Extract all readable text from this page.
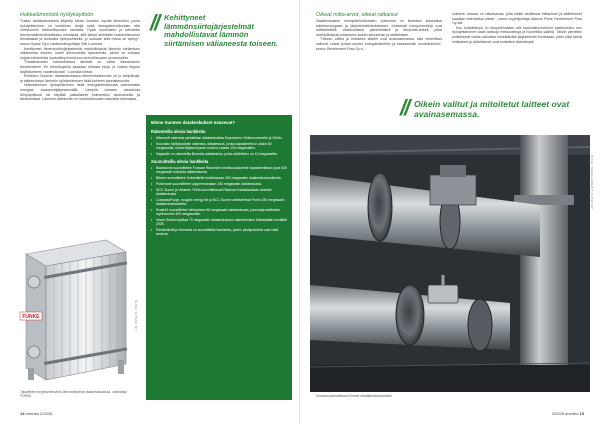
Hukkalämmöstä hyötykäyttöön

"Kaikki datakeskuksissa käytetty sähkö muuttuu lopulta lämmöksi, jonka hyödyntäminen on keskeinen tekijä sekä energiatehokkuuden että investoinnin tuloksellisuuden kannalta. Hyvin suunniteltu ja toteutettu lämmöntalteenottoratkaisu varmistaa, että lämpö siirretään mahdollisimman tehokkaasti ja korkealla hyötysuhteella, jo suoraan siitä missä se syntyy", sanoo Hydac Oy:n varatoimitusjohtaja Ville Luomala.

Kehittyneet lämmönsiirtojärjestelmät mahdollistavat lämmön siirtämisen välianeesta toiseen, kuten tietokoneilta kylmävesiin, jolloin se voidaan ohjata esimerkiksi kaukolämpöverkkoon tai teollisuuden prosesseihin.

"Datakeskuster toteutuksessa tärkeää on valita oikeanlainen lämmönsiirrin. Eri teknologioilla saadaan erilaisia etuja, ja valinta riippuu käyttökohteen vaatimuksista", Luomala toteaa.

Eteläisen Suomen datakeskuksissa lämmöntalteenotto on jo arkipäivää, ja talteenotetun lämmön hyödyntäminen lisää kohteen kannattavuutta.

Hukkalämmön hyödyntäminen lisää energiatehokkuutta paremmaksi energian varastointijärjestelmällä. Lämpöä voidaan varastoida lämpöpolttoon tai käyttää paikallisesti esimerkiksi asuinalueilla ja kiinteistöissä. Lämmön talteenotto on tuloksellisuuden kannalta olennaista.

// Kehittyneet lämmönsiirtojärjestelmät mahdollistavat lämmön siirtämisen välianeesta toiseen.
FUNKE	KUVA: HYDAC OY
Typpillinen levylämmönsiirrin lämmönsiirtoon datakeskuksissa, valmistaja FUNKE.
Minne Suomen datakeskukset nousevat?
Rakenteilla olevia hankkeita
• Microsoft rakentaa parhaillaan datakeskuksia Espooseen, Kirkkonummelle ja Vihtiin.
• Kouvolan Myllykoskelle valmistuu datakeskus, jonka kapasiteetti on aluksi 60 megawattia, mutta hiljaisempana vuosina nostaa 100 megawattiin.
• Kajaaniin on rakenteilla Borealis-datakeskus, jonka sähköteho on 10 megawattia.
Suunnitteilla olevia hankkeita
• Blackstone suunnittelee Forssan Rotomäen teollisuusalueelle kapasiteetiltaan jopa 630 megawatin kokoista datakeskusta.
• Bitzero suunnittelee Kokemäelle keskikasaan 300 megawatin datakeskushankkeita.
• Polarnode suunnittelee Lappeenrantaan 150 megawatin datakeskusta.
• NCC Suomi ja Virtanen Yhtiöt suunnittelevat Raisioon Kantakankaan alueelle datakeskusta.
• CompassForge, ecogrid energy ltd ja NCC Suomi valmistelevat Poriin 150 megawatin datakeskushanketta.
• Scale42 suunnittelee Varkauteen 60 megawatin datakeskusta, joka laajennettaisiin myöhemmin 400 megawattiin.
• Verne Global sijoittaa 70 megawatin datakeskuksen rakentamisen Mäntsälään keväällä 2025.
• Piekämäellä ja Kemissä on suunnitteilla hankkeita, joiden yksityiskohtia ovat vielä avoimia.
14 enertec 2/2025
Oikeat mitta-arvot, oikeat ratkaisut

Datakeskuksen energiatehokkuuden optimointi on kiinteästi sidoksissa laiteteknologiaan ja järjestelmätoteutukseen. Keskeistä komponentteja ovat säätöventtiilit, virtausmittarit, paineilmittarit ja lämpötila-anturit, jotka mahdollistavat prosessien tarkan seurannan ja säätämisen.

"Oikean valitut ja mitoitetut laitteet ovat avainasemassa, sillä virheelliset valinnat voivat johtaa suuriin energiahäviöihin ja kasvaneisiin huoltokuluihin", kertoo Recelement Flow Oy:n...

suihteen kanssa on ratkaisevaa, jotta kaikki tarvittavat mittaukset ja säätötoimet saadaan toteutettua oikein", sanoo myyntijohtaja Marcus Finne Recelement Flow Oy:stä.

Kun hukkalämpö on lämpöteholtaan alle kaukolämpöverkon vaatimusten, sen hyödyntäminen vaatii tarkkoja mittaustietoja ja huolellista säätöä. Tällöin pienetkin poikkeamat voivat vaikuttaa merkittävästi järjestelmän toimintaan, joten siksi tarkat mittaukset ja säätötoimet ovat entistäkin tärkeämpiä.

// Oikein valitut ja mitoitetut laitteet ovat avainasemassa.
KUVA: RECELEMENT FLOW OY
Kuvassa asennettuna Krohne ultraäänivirtausmittari.
2/2025 enertec 15
